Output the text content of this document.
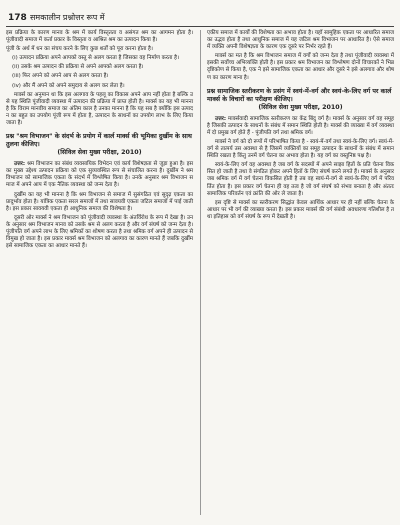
178 समकालीन प्रश्नोत्तर रूप में

इस प्रक्रिया के कारण मानव के श्रम में कार्य विस्तृतता व असंगत श्रम का आगमन होता है। पूंजीवादी समाज में कर्ता प्रकार के विस्तृता व आश्रित श्रम का उत्पादन किया है।

पूंजी के अर्थ में धन का संचय करने के लिए कुछ शर्तों को पूरा करना होता है।

(i) उत्पादन प्रक्रिया अपने आपको वस्तु से अलग करता है जिसका वह निर्माण करता है।

(ii) उसके श्रम उत्पादन की प्रक्रिया से अपने आपको अलग करता है।

(iii) फिर अपने को अपने आप से अलग करता है।

(iv) और मैं अपने को अपने समुदाय से अलग कर लेता है।

मार्क्स का अनुमान था कि इस अलगाव के पहलू का विकास अपने आप नहीं होता है बल्कि उसे यह स्थिति पूंजीवादी व्यवस्था में उत्पादन की प्रक्रिया में प्राप्त होती है। मार्क्स का यह भी मानना है कि विराम मानवीय समाज का अंतिम काल है उनका मानना है कि यह सब है क्योंकि इस उत्पादन का बहुत का उपयोग पूंजी रूप में होता है, उत्पादन के साधनों का उपयोग लाभ के लिए किया जाता है।

प्रश्न "श्रम विभाजन" के संदर्भ के प्रयोग में कार्ल मार्क्स की भूमिका दुर्खीम के साथ तुलना कीजिए।
(सिविल सेवा मुख्य परीक्षा, 2010)

उत्तर: श्रम विभाजन का संबंध व्यवसायिक विभेदन एवं कार्य विशेषज्ञता से जुड़ा हुआ है। इसका मुख्य उद्देश्य उत्पादन प्रक्रिया को एक सुव्यवस्थित रूप से संचालित करना है। दुर्खीम ने श्रम विभाजन को सामाजिक एकता के संदर्भ में विश्लेषित किया है। उनके अनुसार श्रम विभाजन समाज में अपने आप में एक नैतिक व्यवस्था को जन्म देता है।

दुर्खीम का यह भी मानना है कि श्रम विभाजन से समाज में सुसंगठित एवं सुदृढ़ एकता का प्रादुर्भाव होता है। यांत्रिक एकता सरल समाजों में तथा सावयवी एकता जटिल समाजों में पाई जाती है। इस प्रकार सावयवी एकता ही आधुनिक समाज की विशेषता है।

दूसरी ओर मार्क्स ने श्रम विभाजन को पूंजीवादी व्यवस्था के अंतर्विरोध के रूप में देखा है। उनके अनुसार श्रम विभाजन मानव को उसके श्रम से अलग करता है और वर्ग संघर्ष को जन्म देता है। पूंजीपति वर्ग अपने लाभ के लिए श्रमिकों का शोषण करता है तथा श्रमिक वर्ग अपने ही उत्पादन से विमुख हो जाता है। इस प्रकार मार्क्स श्रम विभाजन को अलगाव का कारण मानते हैं जबकि दुर्खीम इसे सामाजिक एकता का आधार मानते हैं।

एकीय समाज में कार्यों की विशेषता का अभाव होता है। यहाँ सामूहिक एकता पर आधारित समाज का उद्भव होता है तथा आधुनिक समाज में यह जटिल श्रम विभाजन पर आधारित है। ऐसे समाज में व्यक्ति अपनी विशेषज्ञता के कारण एक दूसरे पर निर्भर रहते हैं।

मार्क्स का मत है कि श्रम विभाजन समाज में वर्गों को जन्म देता है तथा पूंजीवादी व्यवस्था में इसकी सर्वोच्च अभिव्यक्ति होती है। इस प्रकार श्रम विभाजन का विश्लेषण दोनों विचारकों ने भिन्न दृष्टिकोण से किया है, एक ने इसे सामाजिक एकता का आधार और दूसरे ने इसे अलगाव और शोषण का कारण माना है।

प्रश्न सामाजिक स्तरीकरण के प्रसंग में स्वयं-में-वर्ग और स्वयं-के-लिए वर्ग पर कार्ल मार्क्स के विचारों का परीक्षण कीजिए।
(सिविल सेवा मुख्य परीक्षा, 2010)

उत्तर: मार्क्सवादी सामाजिक स्तरीकरण का केंद्र बिंदु वर्ग है। मार्क्स के अनुसार वर्ग वह समूह है जिसकी उत्पादन के साधनों के संबंध में समान स्थिति होती है। मार्क्स की व्याख्या में वर्ग व्यवस्था में दो प्रमुख वर्ग होते हैं - पूंजीपति वर्ग तथा श्रमिक वर्ग।

मार्क्स ने वर्ग को दो रूपों में परिभाषित किया है - स्वयं-में-वर्ग तथा स्वयं-के-लिए वर्ग। स्वयं-में-वर्ग से तात्पर्य उस अवस्था से है जिसमें व्यक्तियों का समूह उत्पादन के साधनों के संबंध में समान स्थिति रखता है किंतु उनमें वर्ग चेतना का अभाव होता है। यह वर्ग का वस्तुनिष्ठ पक्ष है।

स्वयं-के-लिए वर्ग वह अवस्था है जब वर्ग के सदस्यों में अपने साझा हितों के प्रति चेतना विकसित हो जाती है तथा वे संगठित होकर अपने हितों के लिए संघर्ष करने लगते हैं। मार्क्स के अनुसार जब श्रमिक वर्ग में वर्ग चेतना विकसित होती है तब वह स्वयं-में-वर्ग से स्वयं-के-लिए वर्ग में परिवर्तित होता है। इस प्रकार वर्ग चेतना ही वह तत्व है जो वर्ग संघर्ष को संभव बनाता है और अंततः सामाजिक परिवर्तन एवं क्रांति की ओर ले जाता है।

इस दृष्टि से मार्क्स का स्तरीकरण सिद्धांत केवल आर्थिक आधार पर ही नहीं बल्कि चेतना के आधार पर भी वर्ग की व्याख्या करता है। इस प्रकार मार्क्स की वर्ग संबंधी अवधारणा गतिशील है तथा इतिहास को वर्ग संघर्ष के रूप में देखती है।
